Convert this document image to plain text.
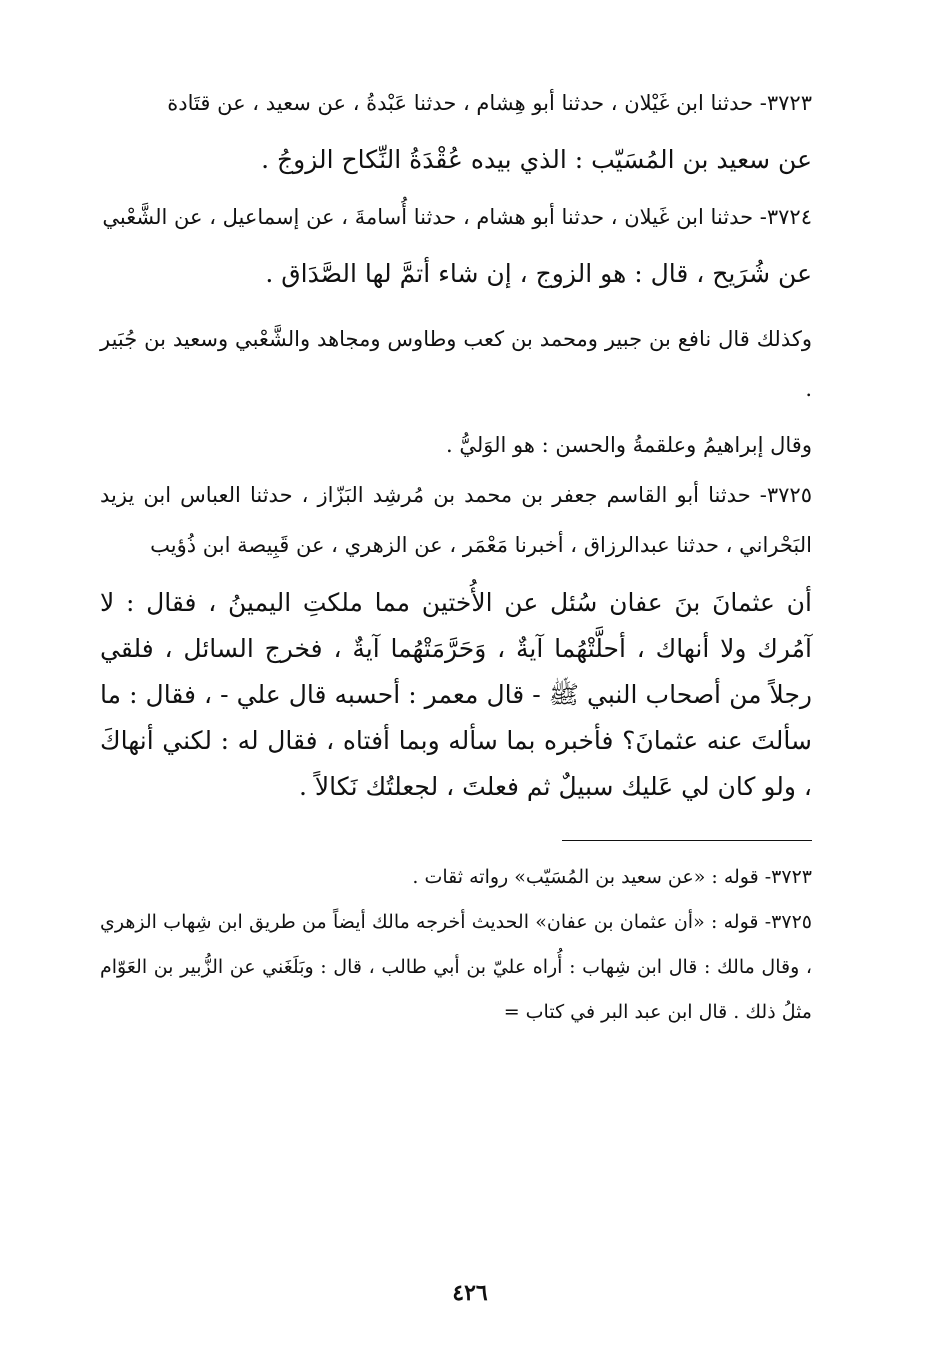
٣٧٢٣- حدثنا ابن غَيْلان ، حدثنا أبو هِشام ، حدثنا عَبْدةُ ، عن سعيد ، عن قتَادة

عن سعيد بن المُسَيّب : الذي بيده عُقْدَةُ النِّكاح الزوجُ .

٣٧٢٤- حدثنا ابن غَيلان ، حدثنا أبو هشام ، حدثنا أُسامةَ ، عن إسماعيل ، عن الشَّعْبي

عن شُرَيح ، قال : هو الزوج ، إن شاء أتمَّ لها الصَّدَاق .

وكذلك قال نافع بن جبير ومحمد بن كعب وطاوس ومجاهد والشَّعْبي وسعيد بن جُبَير .

وقال إبراهيمُ وعلقمةُ والحسن : هو الوَليُّ .

٣٧٢٥- حدثنا أبو القاسم جعفر بن محمد بن مُرشِد البَزّاز ، حدثنا العباس ابن يزيد البَحْراني ، حدثنا عبدالرزاق ، أخبرنا مَعْمَر ، عن الزهري ، عن قَبِيصة ابن ذُؤيب

أن عثمانَ بنَ عفان سُئل عن الأُختين مما ملكتِ اليمينُ ، فقال : لا آمُرك ولا أنهاك ، أحلَّتْهُما آيةٌ ، وَحَرَّمَتْهُما آيةٌ ، فخرج السائل ، فلقي رجلاً من أصحاب النبي ﷺ - قال معمر : أحسبه قال علي - ، فقال : ما سألتَ عنه عثمانَ؟ فأخبره بما سأله وبما أفتاه ، فقال له : لكني أنهاكَ ، ولو كان لي عَليك سبيلٌ ثم فعلتَ ، لجعلتُك نَكالاً .

٣٧٢٣- قوله : «عن سعيد بن المُسَيّب» رواته ثقات .

٣٧٢٥- قوله : «أن عثمان بن عفان» الحديث أخرجه مالك أيضاً من طريق ابن شِهاب الزهري ، وقال مالك : قال ابن شِهاب : أُراه عليّ بن أبي طالب ، قال : وبَلَغَني عن الزُّبير بن العَوّام مثلُ ذلك . قال ابن عبد البر في كتاب =

٤٢٦
